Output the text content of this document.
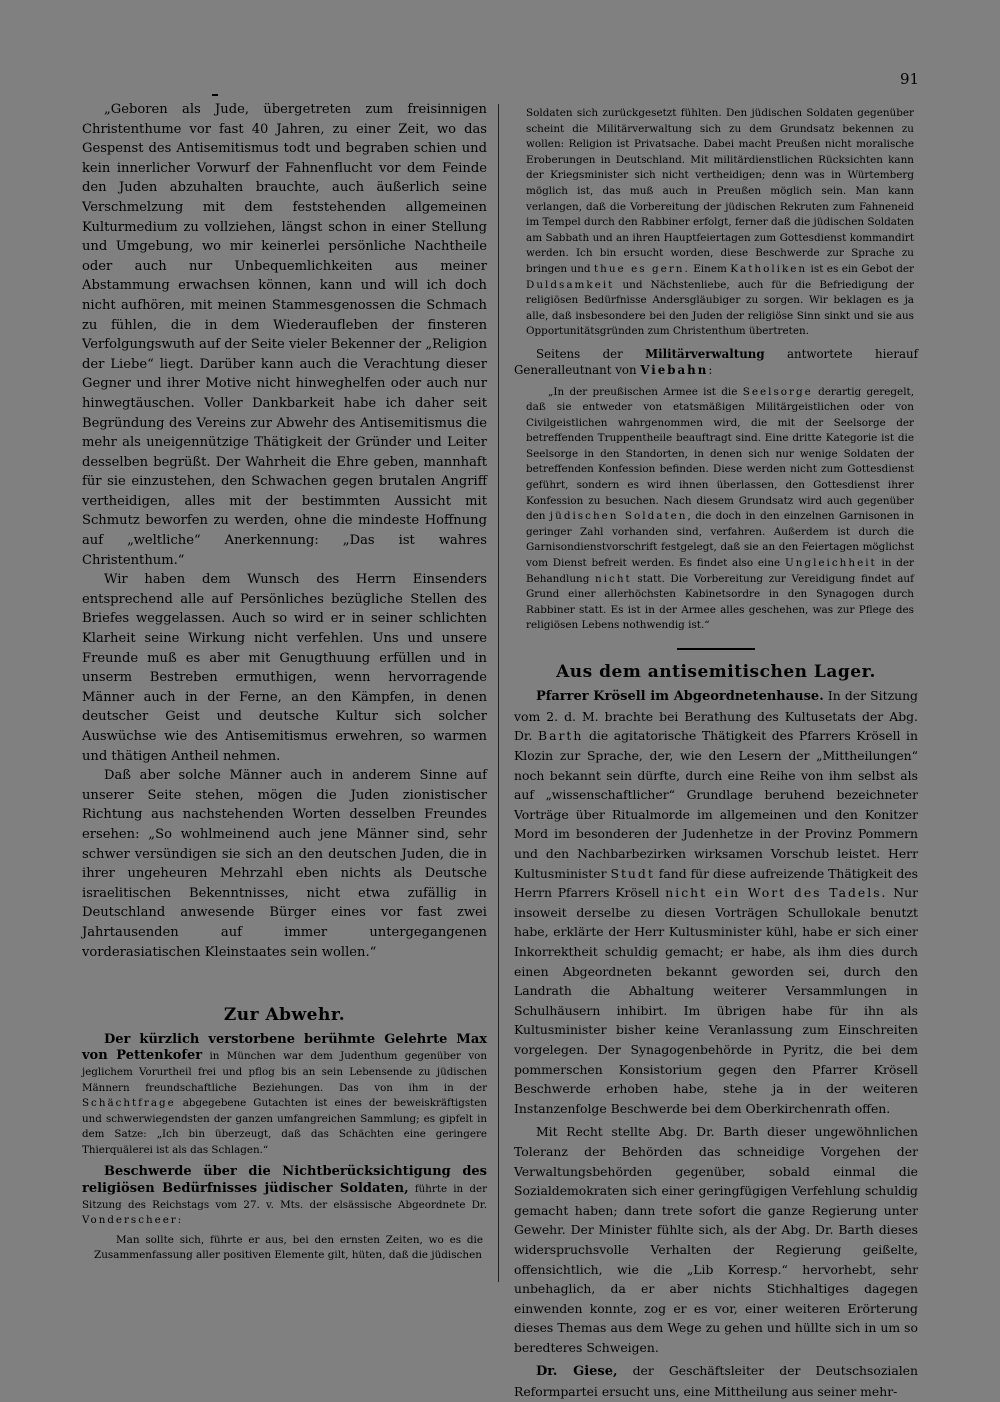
91

„Geboren als Jude, übergetreten zum freisinnigen Christenthume vor fast 40 Jahren, zu einer Zeit, wo das Gespenst des Antisemitismus todt und begraben schien und kein innerlicher Vorwurf der Fahnenflucht vor dem Feinde den Juden abzuhalten brauchte, auch äußerlich seine Verschmelzung mit dem feststehenden allgemeinen Kulturmedium zu vollziehen, längst schon in einer Stellung und Umgebung, wo mir keinerlei persönliche Nachtheile oder auch nur Unbequemlichkeiten aus meiner Abstammung erwachsen können, kann und will ich doch nicht aufhören, mit meinen Stammesgenossen die Schmach zu fühlen, die in dem Wiederaufleben der finsteren Verfolgungswuth auf der Seite vieler Bekenner der „Religion der Liebe“ liegt. Darüber kann auch die Verachtung dieser Gegner und ihrer Motive nicht hinweghelfen oder auch nur hinwegtäuschen. Voller Dankbarkeit habe ich daher seit Begründung des Vereins zur Abwehr des Antisemitismus die mehr als uneigennützige Thätigkeit der Gründer und Leiter desselben begrüßt. Der Wahrheit die Ehre geben, mannhaft für sie einzustehen, den Schwachen gegen brutalen Angriff vertheidigen, alles mit der bestimmten Aussicht mit Schmutz beworfen zu werden, ohne die mindeste Hoffnung auf „weltliche“ Anerkennung: „Das ist wahres Christenthum.“

Wir haben dem Wunsch des Herrn Einsenders entsprechend alle auf Persönliches bezügliche Stellen des Briefes weggelassen. Auch so wird er in seiner schlichten Klarheit seine Wirkung nicht verfehlen. Uns und unsere Freunde muß es aber mit Genugthuung erfüllen und in unserm Bestreben ermuthigen, wenn hervorragende Männer auch in der Ferne, an den Kämpfen, in denen deutscher Geist und deutsche Kultur sich solcher Auswüchse wie des Antisemitismus erwehren, so warmen und thätigen Antheil nehmen.

Daß aber solche Männer auch in anderem Sinne auf unserer Seite stehen, mögen die Juden zionistischer Richtung aus nachstehenden Worten desselben Freundes ersehen: „So wohlmeinend auch jene Männer sind, sehr schwer versündigen sie sich an den deutschen Juden, die in ihrer ungeheuren Mehrzahl eben nichts als Deutsche israelitischen Bekenntnisses, nicht etwa zufällig in Deutschland anwesende Bürger eines vor fast zwei Jahrtausenden auf immer untergegangenen vorderasiatischen Kleinstaates sein wollen.“

Zur Abwehr.

Der kürzlich verstorbene berühmte Gelehrte Max von Pettenkofer in München war dem Judenthum gegenüber von jeglichem Vorurtheil frei und pflog bis an sein Lebensende zu jüdischen Männern freundschaftliche Beziehungen. Das von ihm in der Schächtfrage abgegebene Gutachten ist eines der beweiskräftigsten und schwerwiegendsten der ganzen umfangreichen Sammlung; es gipfelt in dem Satze: „Ich bin überzeugt, daß das Schächten eine geringere Thierquälerei ist als das Schlagen.“

Beschwerde über die Nichtberücksichtigung des religiösen Bedürfnisses jüdischer Soldaten, führte in der Sitzung des Reichstags vom 27. v. Mts. der elsässische Abgeordnete Dr. Vonderscheer:

Man sollte sich, führte er aus, bei den ernsten Zeiten, wo es die Zusammenfassung aller positiven Elemente gilt, hüten, daß die jüdischen

Soldaten sich zurückgesetzt fühlten. Den jüdischen Soldaten gegenüber scheint die Militärverwaltung sich zu dem Grundsatz bekennen zu wollen: Religion ist Privatsache. Dabei macht Preußen nicht moralische Eroberungen in Deutschland. Mit militärdienstlichen Rücksichten kann der Kriegsminister sich nicht vertheidigen; denn was in Würtemberg möglich ist, das muß auch in Preußen möglich sein. Man kann verlangen, daß die Vorbereitung der jüdischen Rekruten zum Fahneneid im Tempel durch den Rabbiner erfolgt, ferner daß die jüdischen Soldaten am Sabbath und an ihren Hauptfeiertagen zum Gottesdienst kommandirt werden. Ich bin ersucht worden, diese Beschwerde zur Sprache zu bringen und thue es gern. Einem Katholiken ist es ein Gebot der Duldsamkeit und Nächstenliebe, auch für die Befriedigung der religiösen Bedürfnisse Andersgläubiger zu sorgen. Wir beklagen es ja alle, daß insbesondere bei den Juden der religiöse Sinn sinkt und sie aus Opportunitätsgründen zum Christenthum übertreten.

Seitens der Militärverwaltung antwortete hierauf Generalleutnant von Viebahn:

„In der preußischen Armee ist die Seelsorge derartig geregelt, daß sie entweder von etatsmäßigen Militärgeistlichen oder von Civilgeistlichen wahrgenommen wird, die mit der Seelsorge der betreffenden Truppentheile beauftragt sind. Eine dritte Kategorie ist die Seelsorge in den Standorten, in denen sich nur wenige Soldaten der betreffenden Konfession befinden. Diese werden nicht zum Gottesdienst geführt, sondern es wird ihnen überlassen, den Gottesdienst ihrer Konfession zu besuchen. Nach diesem Grundsatz wird auch gegenüber den jüdischen Soldaten, die doch in den einzelnen Garnisonen in geringer Zahl vorhanden sind, verfahren. Außerdem ist durch die Garnisondienstvorschrift festgelegt, daß sie an den Feiertagen möglichst vom Dienst befreit werden. Es findet also eine Ungleichheit in der Behandlung nicht statt. Die Vorbereitung zur Vereidigung findet auf Grund einer allerhöchsten Kabinetsordre in den Synagogen durch Rabbiner statt. Es ist in der Armee alles geschehen, was zur Pflege des religiösen Lebens nothwendig ist.“

Aus dem antisemitischen Lager.

Pfarrer Krösell im Abgeordnetenhause. In der Sitzung vom 2. d. M. brachte bei Berathung des Kultusetats der Abg. Dr. Barth die agitatorische Thätigkeit des Pfarrers Krösell in Klozin zur Sprache, der, wie den Lesern der „Mittheilungen“ noch bekannt sein dürfte, durch eine Reihe von ihm selbst als auf „wissenschaftlicher“ Grundlage beruhend bezeichneter Vorträge über Ritualmorde im allgemeinen und den Konitzer Mord im besonderen der Judenhetze in der Provinz Pommern und den Nachbarbezirken wirksamen Vorschub leistet. Herr Kultusminister Studt fand für diese aufreizende Thätigkeit des Herrn Pfarrers Krösell nicht ein Wort des Tadels. Nur insoweit derselbe zu diesen Vorträgen Schullokale benutzt habe, erklärte der Herr Kultusminister kühl, habe er sich einer Inkorrektheit schuldig gemacht; er habe, als ihm dies durch einen Abgeordneten bekannt geworden sei, durch den Landrath die Abhaltung weiterer Versammlungen in Schulhäusern inhibirt. Im übrigen habe für ihn als Kultusminister bisher keine Veranlassung zum Einschreiten vorgelegen. Der Synagogenbehörde in Pyritz, die bei dem pommerschen Konsistorium gegen den Pfarrer Krösell Beschwerde erhoben habe, stehe ja in der weiteren Instanzenfolge Beschwerde bei dem Oberkirchenrath offen.

Mit Recht stellte Abg. Dr. Barth dieser ungewöhnlichen Toleranz der Behörden das schneidige Vorgehen der Verwaltungsbehörden gegenüber, sobald einmal die Sozialdemokraten sich einer geringfügigen Verfehlung schuldig gemacht haben; dann trete sofort die ganze Regierung unter Gewehr. Der Minister fühlte sich, als der Abg. Dr. Barth dieses widerspruchsvolle Verhalten der Regierung geißelte, offensichtlich, wie die „Lib Korresp.“ hervorhebt, sehr unbehaglich, da er aber nichts Stichhaltiges dagegen einwenden konnte, zog er es vor, einer weiteren Erörterung dieses Themas aus dem Wege zu gehen und hüllte sich in um so beredteres Schweigen.

Dr. Giese, der Geschäftsleiter der Deutschsozialen Reformpartei ersucht uns, eine Mittheilung aus seiner mehr-
